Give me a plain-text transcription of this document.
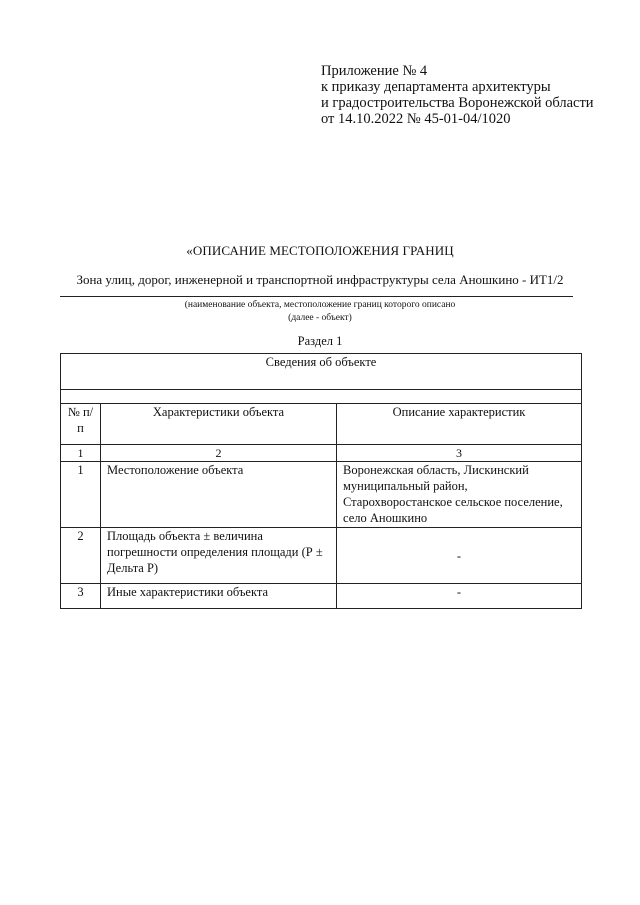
Приложение № 4
к приказу департамента архитектуры
и градостроительства Воронежской области
от 14.10.2022 № 45-01-04/1020
«ОПИСАНИЕ МЕСТОПОЛОЖЕНИЯ ГРАНИЦ
Зона улиц, дорог, инженерной и транспортной инфраструктуры села Аношкино - ИТ1/2
(наименование объекта, местоположение границ которого описано
(далее - объект)
Раздел 1
Сведения об объекте		

№ п/п	Характеристики объекта	Описание характеристик
1	2	3
1	Местоположение объекта	Воронежская область, Лискинский муниципальный район, Старохворостанское сельское поселение, село Аношкино
2	Площадь объекта ± величина погрешности определения площади (Р ± Дельта Р)	-
3	Иные характеристики объекта	-
